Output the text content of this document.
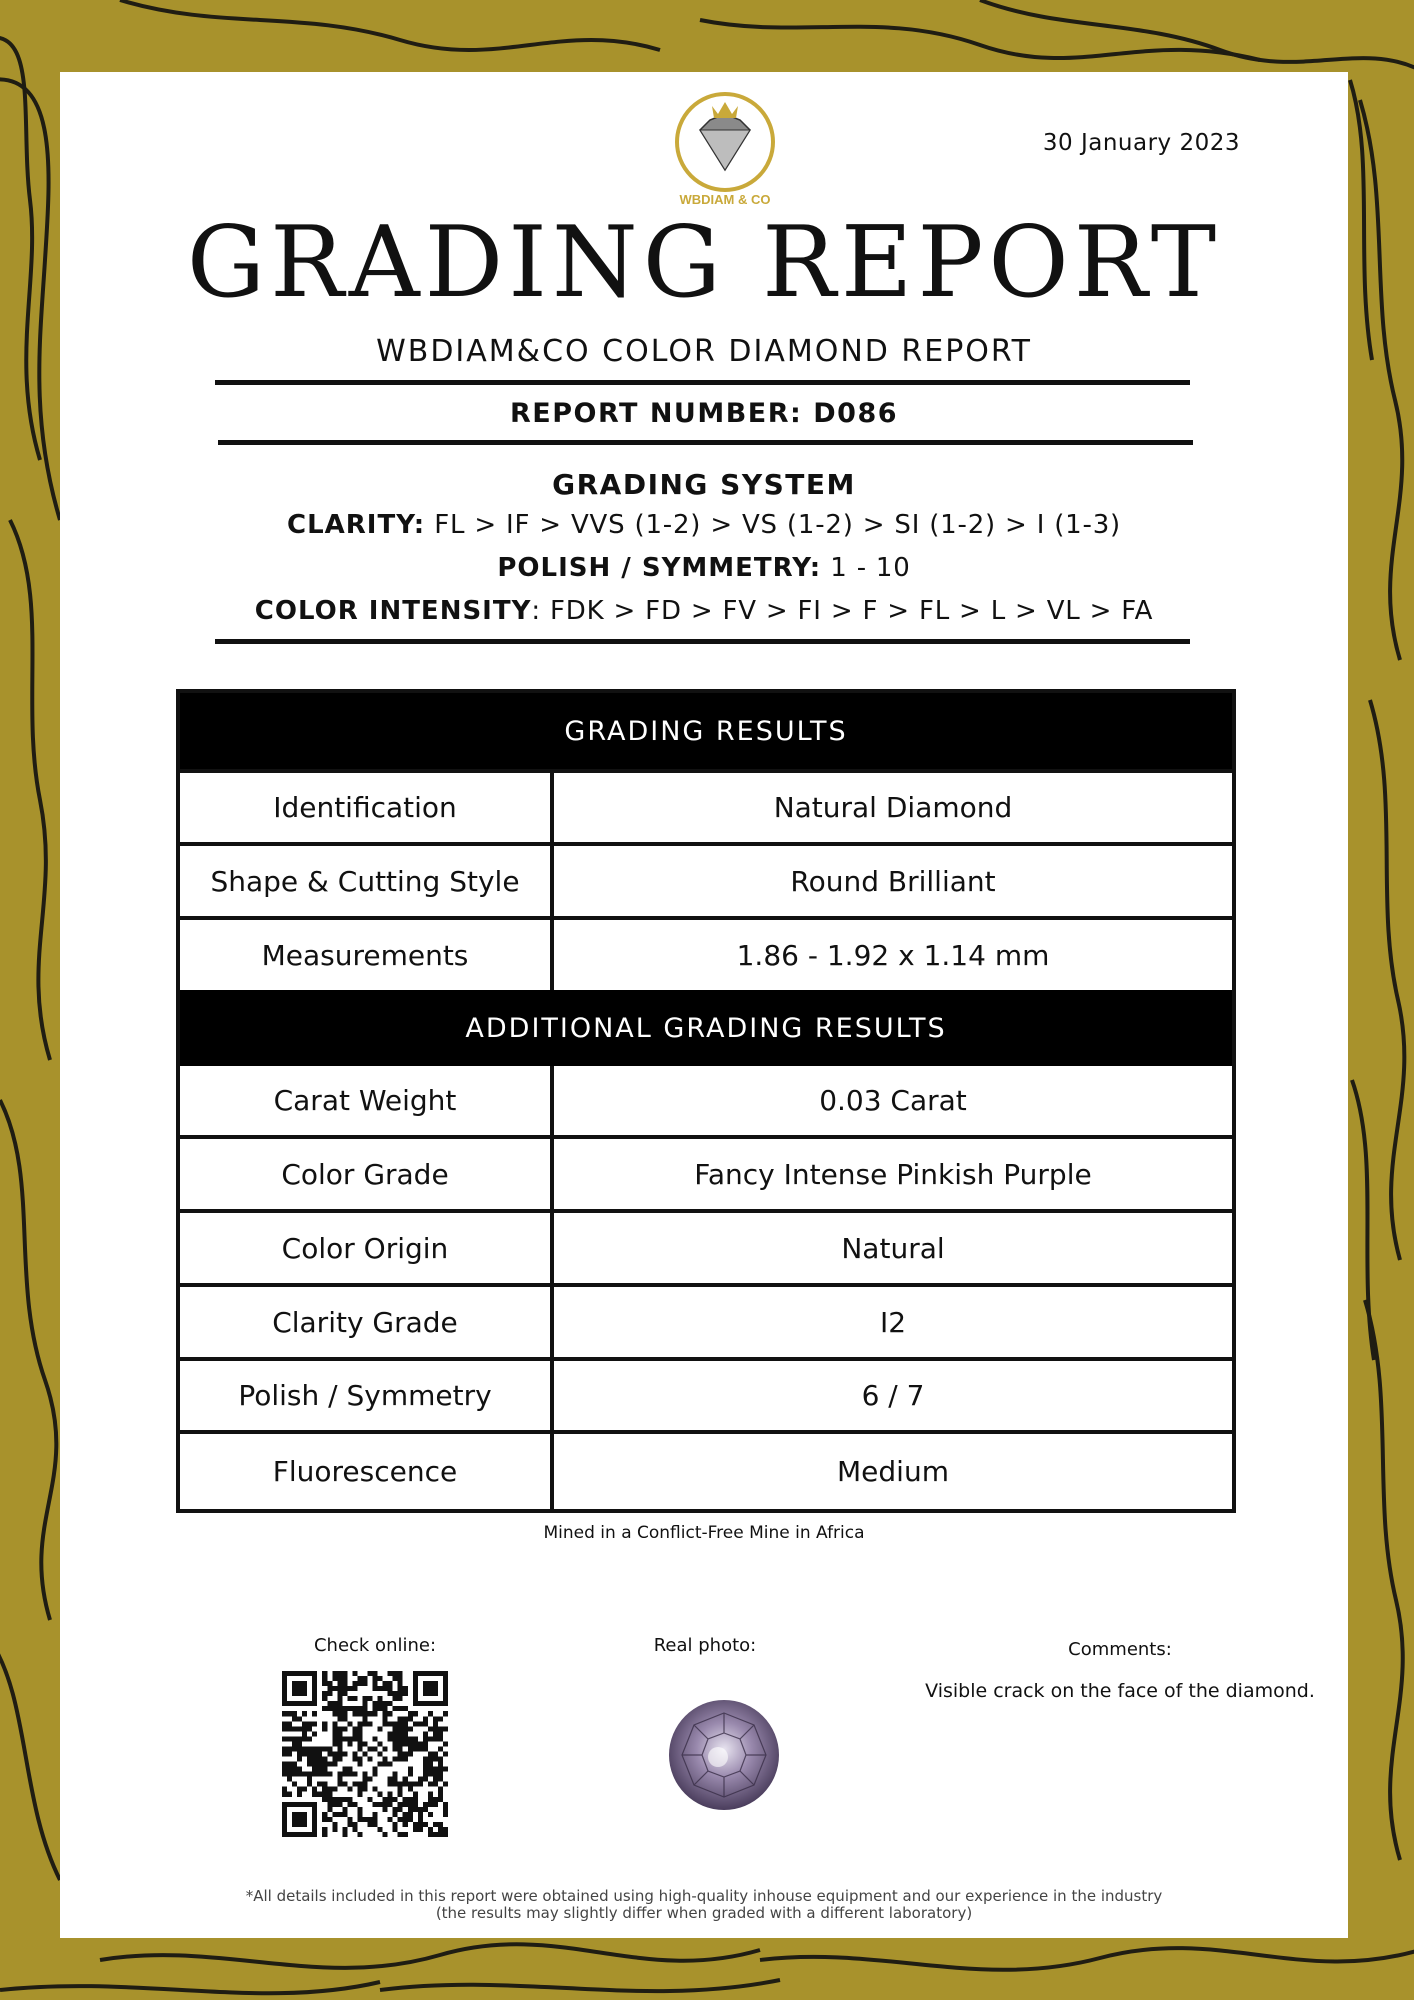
WBDIAM & CO
30 January 2023
GRADING REPORT
WBDIAM&CO COLOR DIAMOND REPORT
REPORT NUMBER: D086
GRADING SYSTEM
CLARITY: FL > IF > VVS (1-2) > VS (1-2) > SI (1-2) > I (1-3)
POLISH / SYMMETRY: 1 - 10
COLOR INTENSITY: FDK > FD > FV > FI > F > FL > L > VL > FA
GRADING RESULTS
Identification	Natural Diamond
Shape & Cutting Style	Round Brilliant
Measurements	1.86 - 1.92 x 1.14 mm
ADDITIONAL GRADING RESULTS
Carat Weight	0.03 Carat
Color Grade	Fancy Intense Pinkish Purple
Color Origin	Natural
Clarity Grade	I2
Polish / Symmetry	6 / 7
Fluorescence	Medium
Mined in a Conflict-Free Mine in Africa
Check online:	Real photo:	Comments:
Visible crack on the face of the diamond.
*All details included in this report were obtained using high-quality inhouse equipment and our experience in the industry
(the results may slightly differ when graded with a different laboratory)
